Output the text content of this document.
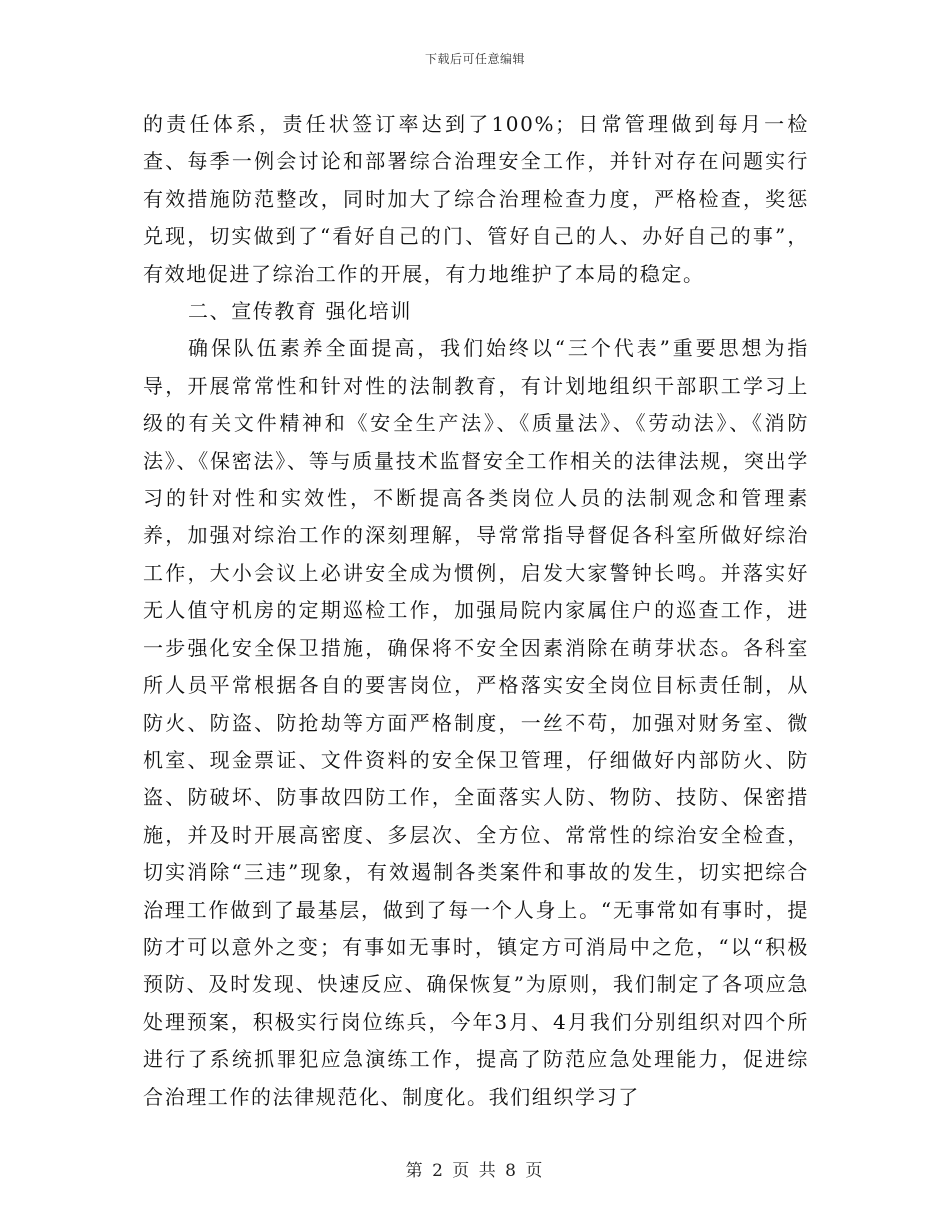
下载后可任意编辑

的责任体系，责任状签订率达到了100%；日常管理做到每月一检查、每季一例会讨论和部署综合治理安全工作，并针对存在问题实行有效措施防范整改，同时加大了综合治理检查力度，严格检查，奖惩兑现，切实做到了“看好自己的门、管好自己的人、办好自己的事”，有效地促进了综治工作的开展，有力地维护了本局的稳定。

二、宣传教育 强化培训

确保队伍素养全面提高，我们始终以“三个代表”重要思想为指导，开展常常性和针对性的法制教育，有计划地组织干部职工学习上级的有关文件精神和《安全生产法》、《质量法》、《劳动法》、《消防法》、《保密法》、等与质量技术监督安全工作相关的法律法规，突出学习的针对性和实效性，不断提高各类岗位人员的法制观念和管理素养，加强对综治工作的深刻理解，导常常指导督促各科室所做好综治工作，大小会议上必讲安全成为惯例，启发大家警钟长鸣。并落实好无人值守机房的定期巡检工作，加强局院内家属住户的巡查工作，进一步强化安全保卫措施，确保将不安全因素消除在萌芽状态。各科室所人员平常根据各自的要害岗位，严格落实安全岗位目标责任制，从防火、防盗、防抢劫等方面严格制度，一丝不苟，加强对财务室、微机室、现金票证、文件资料的安全保卫管理，仔细做好内部防火、防盗、防破坏、防事故四防工作，全面落实人防、物防、技防、保密措施，并及时开展高密度、多层次、全方位、常常性的综治安全检查，切实消除“三违”现象，有效遏制各类案件和事故的发生，切实把综合治理工作做到了最基层，做到了每一个人身上。“无事常如有事时，提防才可以意外之变；有事如无事时，镇定方可消局中之危，“以“积极预防、及时发现、快速反应、确保恢复”为原则，我们制定了各项应急处理预案，积极实行岗位练兵，今年3月、4月我们分别组织对四个所进行了系统抓罪犯应急演练工作，提高了防范应急处理能力，促进综合治理工作的法律规范化、制度化。我们组织学习了

第 2 页 共 8 页
